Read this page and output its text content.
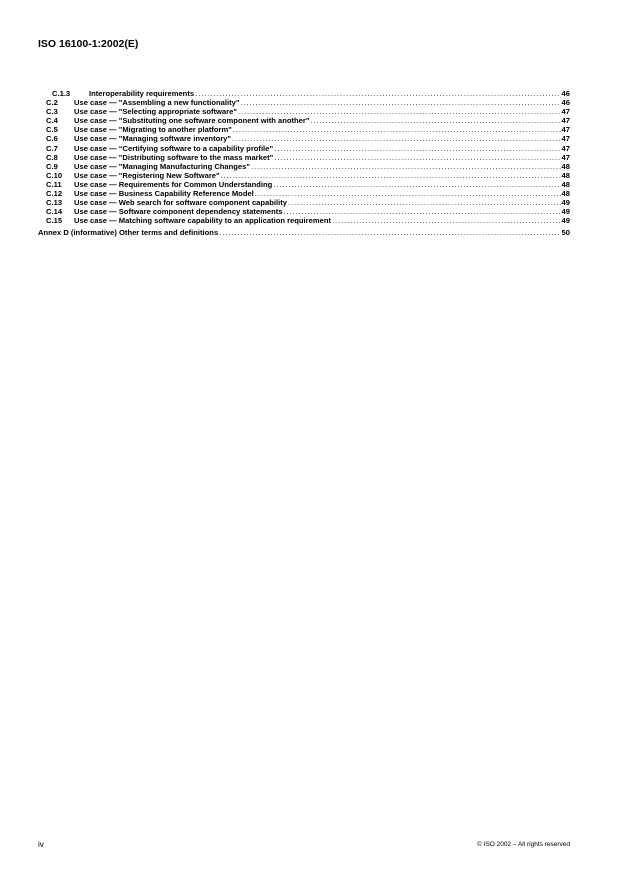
ISO 16100-1:2002(E)
C.1.3	Interoperability requirements . . .	46
C.2	Use case — "Assembling a new functionality" . . .	46
C.3	Use case — "Selecting appropriate software" . . .	47
C.4	Use case — "Substituting one software component with another" . . .	47
C.5	Use case — "Migrating to another platform" . . .	47
C.6	Use case — "Managing software inventory" . . .	47
C.7	Use case — “Certifying software to a capability profile” . . .	47
C.8	Use case — "Distributing software to the mass market" . . .	47
C.9	Use case — "Managing Manufacturing Changes" . . .	48
C.10	Use case — "Registering New Software" . . .	48
C.11	Use case — Requirements for Common Understanding . . .	48
C.12	Use case — Business Capability Reference Model . . .	48
C.13	Use case — Web search for software component capability . . .	49
C.14	Use case — Software component dependency statements . . .	49
C.15	Use case — Matching software capability to an application requirement . . .	49
Annex D (informative) Other terms and definitions . . .	50
iv	© ISO 2002 – All rights reserved
